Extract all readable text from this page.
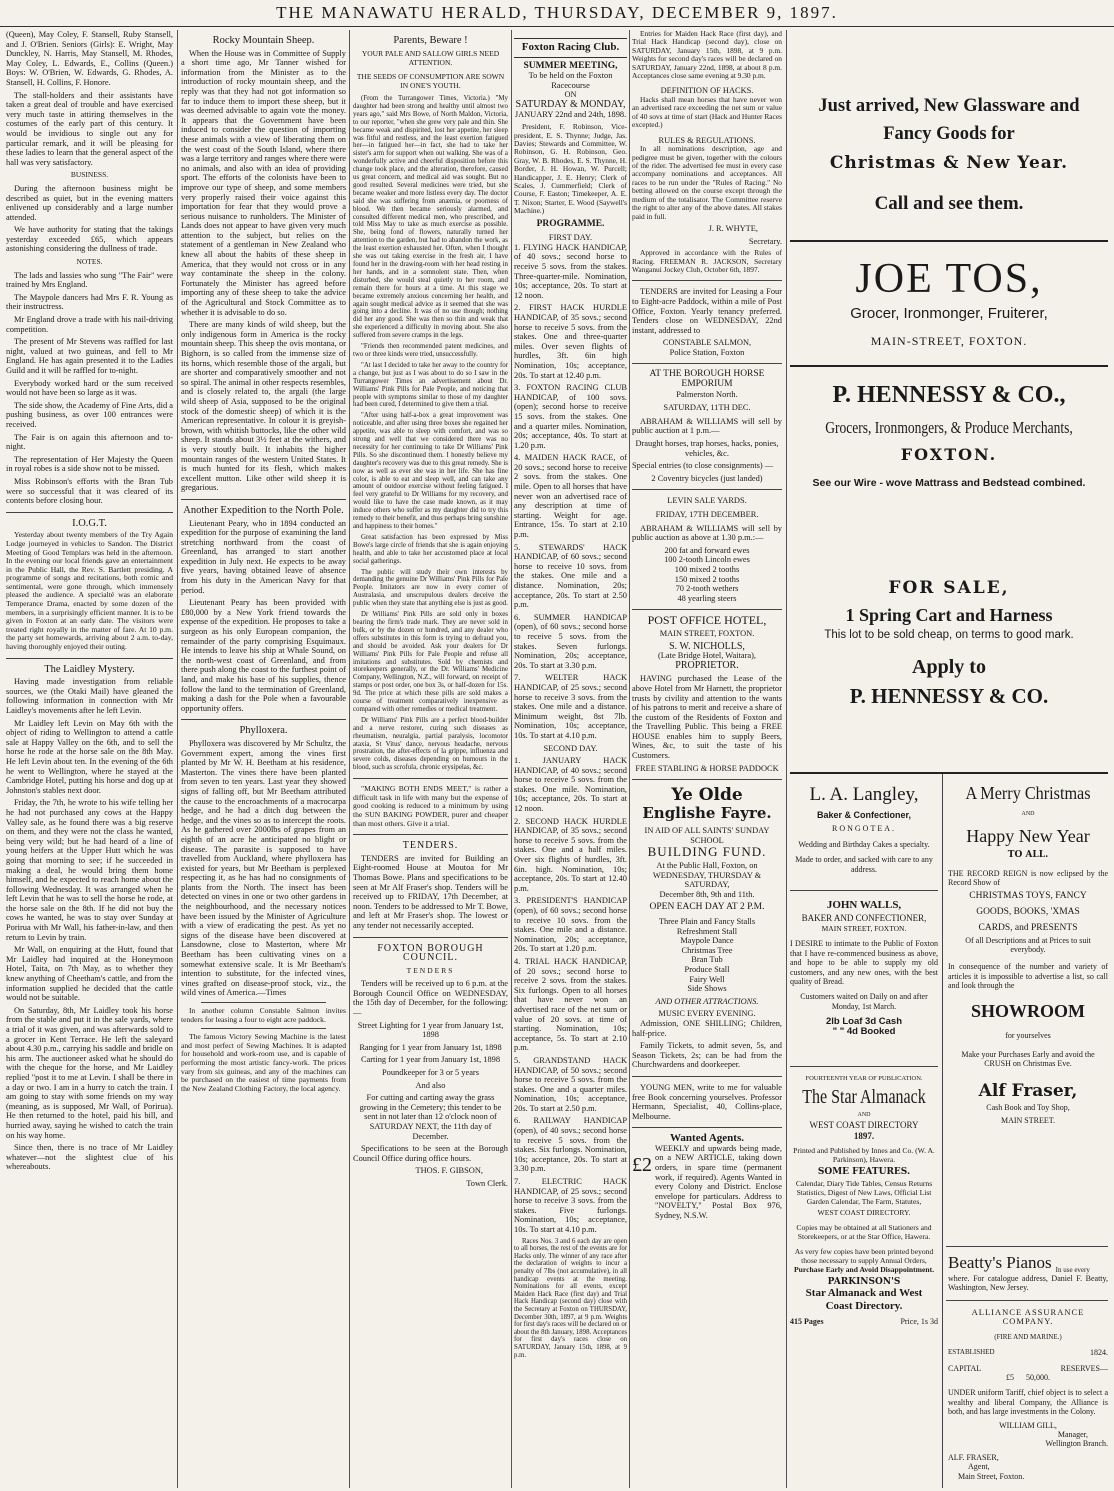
THE MANAWATU HERALD, THURSDAY, DECEMBER 9, 1897.

(Queen), May Coley, F. Stansell, Ruby Stansell, and J. O'Brien. Seniors (Girls): E. Wright, May Dunckley, N. Harris, May Stansell, M. Rhodes, May Coley, L. Edwards, E., Collins (Queen.) Boys: W. O'Brien, W. Edwards, G. Rhodes, A. Stansell, H. Collins, F. Honore.

The stall-holders and their assistants have taken a great deal of trouble and have exercised very much taste in attiring themselves in the costumes of the early part of this century. It would be invidious to single out any for particular remark, and it will be pleasing for these ladies to learn that the general aspect of the hall was very satisfactory.

BUSINESS.

During the afternoon business might be described as quiet, but in the evening matters enlivened up considerably and a large number attended.

We have authority for stating that the takings yesterday exceeded £65, which appears astonishing considering the dullness of trade.

NOTES.

The lads and lassies who sung "The Fair" were trained by Mrs England.

The Maypole dancers had Mrs F. R. Young as their instructress.

Mr England drove a trade with his nail-driving competition.

The present of Mr Stevens was raffled for last night, valued at two guineas, and fell to Mr England. He has again presented it to the Ladies Guild and it will be raffled for to-night.

Everybody worked hard or the sum received would not have been so large as it was.

The side show, the Academy of Fine Arts, did a pushing business, as over 100 entrances were received.

The Fair is on again this afternoon and to-night.

The representation of Her Majesty the Queen in royal robes is a side show not to be missed.

Miss Robinson's efforts with the Bran Tub were so successful that it was cleared of its contents before closing hour.

I.O.G.T.

Yesterday about twenty members of the Try Again Lodge journeyed in vehicles to Sandon. The District Meeting of Good Templars was held in the afternoon. In the evening our local friends gave an entertainment in the Public Hall, the Rev. S. Bartlett presiding. A programme of songs and recitations, both comic and sentimental, were gone through, which immensely pleased the audience. A specialté was an elaborate Temperance Drama, enacted by some dozen of the members, in a surprisingly efficient manner. It is to be given in Foxton at an early date. The visitors were treated right royally in the matter of fare. At 10 p.m. the party set homewards, arriving about 2 a.m. to-day, having thoroughly enjoyed their outing.

The Laidley Mystery.

Having made investigation from reliable sources, we (the Otaki Mail) have gleaned the following information in connection with Mr Laidley's movements after he left Levin.

Mr Laidley left Levin on May 6th with the object of riding to Wellington to attend a cattle sale at Happy Valley on the 6th, and to sell the horse he rode at the horse sale on the 8th May. He left Levin about ten. In the evening of the 6th he went to Wellington, where he stayed at the Cambridge Hotel, putting his horse and dog up at Johnston's stables next door.

Friday, the 7th, he wrote to his wife telling her he had not purchased any cows at the Happy Valley sale, as he found there was a big reserve on them, and they were not the class he wanted, being very wild; but he had heard of a line of young heifers at the Upper Hutt which he was going that morning to see; if he succeeded in making a deal, he would bring them home himself, and he expected to reach home about the following Wednesday. It was arranged when he left Levin that he was to sell the horse he rode, at the horse sale on the 8th. If he did not buy the cows he wanted, he was to stay over Sunday at Porirua with Mr Wall, his father-in-law, and then return to Levin by train.

Mr Wall, on enquiring at the Hutt, found that Mr Laidley had inquired at the Honeymoon Hotel, Taita, on 7th May, as to whether they knew anything of Cheetham's cattle, and from the information supplied he decided that the cattle would not be suitable.

On Saturday, 8th, Mr Laidley took his horse from the stable and put it in the sale yards, where a trial of it was given, and was afterwards sold to a grocer in Kent Terrace. He left the saleyard about 4.30 p.m., carrying his saddle and bridle on his arm. The auctioneer asked what he should do with the cheque for the horse, and Mr Laidley replied "post it to me at Levin. I shall be there in a day or two. I am in a hurry to catch the train. I am going to stay with some friends on my way (meaning, as is supposed, Mr Wall, of Porirua). He then returned to the hotel, paid his bill, and hurried away, saying he wished to catch the train on his way home.

Since then, there is no trace of Mr Laidley whatever—not the slightest clue of his whereabouts.

Rocky Mountain Sheep.

When the House was in Committee of Supply a short time ago, Mr Tanner wished for information from the Minister as to the introduction of rocky mountain sheep, and the reply was that they had not got information so far to induce them to import these sheep, but it was deemed advisable to again vote the money. It appears that the Government have been induced to consider the question of importing these animals with a view of liberating them on the west coast of the South Island, where there was a large territory and ranges where there were no animals, and also with an idea of providing sport. The efforts of the colonists have been to improve our type of sheep, and some members very properly raised their voice against this importation for fear that they would prove a serious nuisance to runholders. The Minister of Lands does not appear to have given very much attention to the subject, but relies on the statement of a gentleman in New Zealand who knew all about the habits of these sheep in America, that they would not cross or in any way contaminate the sheep in the colony. Fortunately the Minister has agreed before importing any of these sheep to take the advice of the Agricultural and Stock Committee as to whether it is advisable to do so.

There are many kinds of wild sheep, but the only indigenous form in America is the rocky mountain sheep. This sheep the ovis montana, or Bighorn, is so called from the immense size of its horns, which resemble those of the argali, but are shorter and comparatively smoother and not so spiral. The animal in other respects resembles, and is closely related to, the argali (the large wild sheep of Asia, supposed to be the original stock of the domestic sheep) of which it is the American representative. In colour it is greyish-brown, with whitish buttocks, like the other wild sheep. It stands about 3½ feet at the withers, and is very stoutly built. It inhabits the higher mountain ranges of the western United States. It is much hunted for its flesh, which makes excellent mutton. Like other wild sheep it is gregarious.

Another Expedition to the North Pole.

Lieutenant Peary, who in 1894 conducted an expedition for the purpose of examining the land stretching northward from the coast of Greenland, has arranged to start another expedition in July next. He expects to be away five years, having obtained leave of absence from his duty in the American Navy for that period.

Lieutenant Peary has been provided with £80,000 by a New York friend towards the expense of the expedition. He proposes to take a surgeon as his only European companion, the remainder of the party comprising Esquimaux. He intends to leave his ship at Whale Sound, on the north-west coast of Greenland, and from there push along the coast to the furthest point of land, and make his base of his supplies, thence follow the land to the termination of Greenland, making a dash for the Pole when a favourable opportunity offers.

Phylloxera.

Phylloxera was discovered by Mr Schultz, the Government expert, among the vines first planted by Mr W. H. Beetham at his residence, Masterton. The vines there have been planted from seven to ten years. Last year they showed signs of falling off, but Mr Beetham attributed the cause to the encroachments of a macrocarpa hedge, and he had a ditch dug between the hedge, and the vines so as to intercept the roots. As he gathered over 2000lbs of grapes from an eighth of an acre he anticipated no blight or disease. The parasite is supposed to have travelled from Auckland, where phylloxera has existed for years, but Mr Beetham is perplexed respecting it, as he has had no consignments of plants from the North. The insect has been detected on vines in one or two other gardens in the neighbourhood, and the necessary notices have been issued by the Minister of Agriculture with a view of eradicating the pest. As yet no signs of the disease have been discovered at Lansdowne, close to Masterton, where Mr Beetham has been cultivating vines on a somewhat extensive scale. It is Mr Beetham's intention to substitute, for the infected vines, vines grafted on disease-proof stock, viz., the wild vines of America.—Times

In another column Constable Salmon invites tenders for leasing a four to eight acre paddock.

The famous Victory Sewing Machine is the latest and most perfect of Sewing Machines. It is adapted for household and work-room use, and is capable of performing the most artistic fancy-work. The prices vary from six guineas, and any of the machines can be purchased on the easiest of time payments from the New Zealand Clothing Factory, the local agency.

Parents, Beware !
YOUR PALE AND SALLOW GIRLS NEED ATTENTION.
THE SEEDS OF CONSUMPTION ARE SOWN IN ONE'S YOUTH.

(From the Turrangower Times, Victoria.) "My daughter had been strong and healthy until almost two years ago," said Mrs Bowe, of North Maldon, Victoria, to our reporter, "when she grew very pale and thin. She became weak and dispirited, lost her appetite, her sleep was fitful and restless, and the least exertion fatigued her—in fatigued her—in fact, she had to take her sister's arm for support when out walking. She was of a wonderfully active and cheerful disposition before this change took place, and the alteration, therefore, caused us great concern, and medical aid was sought. But no good resulted. Several medicines were tried, but she became weaker and more listless every day. The doctor said she was suffering from anæmia, or poorness of blood. We then became seriously alarmed, and consulted different medical men, who prescribed, and told Miss May to take as much exercise as possible. She, being fond of flowers, naturally turned her attention to the garden, but had to abandon the work, as the least exertion exhausted her. Often, when I thought she was out taking exercise in the fresh air, I have found her in the drawing-room with her head resting in her hands, and in a somnolent state. Then, when disturbed, she would steal quietly to her room, and remain there for hours at a time. At this stage we became extremely anxious concerning her health, and again sought medical advice as it seemed that she was going into a decline. It was of no use though; nothing did her any good. She was then so thin and weak that she experienced a difficulty in moving about. She also suffered from severe cramps in the legs.

"Friends then recommended patent medicines, and two or three kinds were tried, unsuccessfully.

"At last I decided to take her away to the country for a change, but just as I was about to do so I saw in the Turrangower Times an advertisement about Dr. Williams' Pink Pills for Pale People, and noticing that people with symptoms similar to those of my daughter had been cured, I determined to give them a trial.

"After using half-a-box a great improvement was noticeable, and after using three boxes she regained her appetite, was able to sleep with comfort, and was so strong and well that we considered there was no necessity for her continuing to take Dr Williams' Pink Pills. So she discontinued them. I honestly believe my daughter's recovery was due to this great remedy. She is now as well as ever she was in her life. She has fine color, is able to eat and sleep well, and can take any amount of outdoor exercise without feeling fatigued. I feel very grateful to Dr Williams for my recovery, and would like to have the case made known, as it may induce others who suffer as my daughter did to try this remedy to their benefit, and thus perhaps bring sunshine and happiness to their homes."

Great satisfaction has been expressed by Miss Bowe's large circle of friends that she is again enjoying health, and able to take her accustomed place at local social gatherings.

The public will study their own interests by demanding the genuine Dr Williams' Pink Pills for Pale People. Imitators are now in every corner of Australasia, and unscrupulous dealers deceive the public when they state that anything else is just as good.

Dr Williams' Pink Pills are sold only in boxes bearing the firm's trade mark. They are never sold in bulk, or by the dozen or hundred, and any dealer who offers substitutes in this form is trying to defraud you, and should be avoided. Ask your dealers for Dr Williams' Pink Pills for Pale People and refuse all imitations and substitutes. Sold by chemists and storekeepers generally, or the Dr. Williams' Medicine Company, Wellington, N.Z., will forward, on receipt of stamps or post order, one box 3s, or half-dozen for 15s. 9d. The price at which these pills are sold makes a course of treatment comparatively inexpensive as compared with other remedies or medical treatment.

Dr Williams' Pink Pills are a perfect blood-builder and a nerve restorer, curing such diseases as rheumatism, neuralgia, partial paralysis, locomotor ataxia, St Vitus' dance, nervous headache, nervous prostration, the after-effects of la grippe, influenza and severe colds, diseases depending on humours in the blood, such as scrofula, chronic erysipelas, &c.

"MAKING BOTH ENDS MEET," is rather a difficult task in life with many but the expense of good cooking is reduced to a minimum by using the SUN BAKING POWDER, purer and cheaper than most others. Give it a trial.

TENDERS.

TENDERS are invited for Building an Eight-roomed House at Moutoa for Mr Thomas Bowe. Plans and specifications to be seen at Mr Alf Fraser's shop. Tenders will be received up to FRIDAY, 17th December, at noon. Tenders to be addressed to Mr T. Bowe, and left at Mr Fraser's shop. The lowest or any tender not necessarily accepted.

FOXTON BOROUGH COUNCIL.
TENDERS

Tenders will be received up to 6 p.m. at the Borough Council Office on WEDNESDAY, the 15th day of December, for the following:—

Street Lighting for 1 year from January 1st, 1898

Ranging for 1 year from January 1st, 1898

Carting for 1 year from January 1st, 1898

Poundkeeper for 3 or 5 years

And also

For cutting and carting away the grass growing in the Cemetery; this tender to be sent in not later than 12 o'clock noon of SATURDAY NEXT, the 11th day of December.

Specifications to be seen at the Borough Council Office during office hours.

THOS. F. GIBSON,

Town Clerk.

Foxton Racing Club.
SUMMER MEETING,
To be held on the Foxton Racecourse
ON
SATURDAY & MONDAY,
JANUARY 22nd and 24th, 1898.

President, F. Robinson, Vice-president, E. S. Thynne; Judge, Jas. Davies; Stewards and Committee, W. Robinson, G. H. Robinson, Geo. Gray, W. B. Rhodes, E. S. Thynne, H. Border, J. H. Howan, W. Purcell; Handicapper, J. E. Henry; Clerk of Scales, J. Cummerfield; Clerk of Course, F. Easton; Timekeeper, A. E. T. Nixon; Starter, E. Wood (Saywell's Machine.)

PROGRAMME.
FIRST DAY.

1. FLYING HACK HANDICAP, of 40 sovs.; second horse to receive 5 sovs. from the stakes. Three-quarter-mile. Nomination, 10s; acceptance, 20s. To start at 12 noon.

2. FIRST HACK HURDLE HANDICAP, of 35 sovs.; second horse to receive 5 sovs. from the stakes. One and three-quarter miles. Over seven flights of hurdles, 3ft. 6in high Nomination, 10s; acceptance, 20s. To start at 12.40 p.m.

3. FOXTON RACING CLUB HANDICAP, of 100 sovs. (open); second horse to receive 15 sovs. from the stakes. One and a quarter miles. Nomination, 20s; acceptance, 40s. To start at 1.20 p.m.

4. MAIDEN HACK RACE, of 20 sovs.; second horse to receive 2 sovs. from the stakes. One mile. Open to all horses that have never won an advertised race of any description at time of starting. Weight for age. Entrance, 15s. To start at 2.10 p.m.

5. STEWARDS' HACK HANDICAP, of 60 sovs.; second horse to receive 10 sovs. from the stakes. One mile and a distance. Nomination, 20s; acceptance, 20s. To start at 2.50 p.m.

6. SUMMER HANDICAP (open), of 60 sovs.; second horse to receive 5 sovs. from the stakes. Seven furlongs. Nomination, 20s; acceptance, 20s. To start at 3.30 p.m.

7. WELTER HACK HANDICAP, of 25 sovs.; second horse to receive 3 sovs. from the stakes. One mile and a distance. Minimum weight, 8st 7lb. Nomination, 10s; acceptance, 10s. To start at 4.10 p.m.

SECOND DAY.

1. JANUARY HACK HANDICAP, of 40 sovs.; second horse to receive 5 sovs. from the stakes. One mile. Nomination, 10s; acceptance, 20s. To start at 12 noon.

2. SECOND HACK HURDLE HANDICAP, of 35 sovs.; second horse to receive 5 sovs. from the stakes. One and a half miles. Over six flights of hurdles, 3ft. 6in. high. Nomination, 10s; acceptance, 20s. To start at 12.40 p.m.

3. PRESIDENT'S HANDICAP (open), of 60 sovs.; second horse to receive 10 sovs. from the stakes. One mile and a distance. Nomination, 20s; acceptance, 20s. To start at 1.20 p.m.

4. TRIAL HACK HANDICAP, of 20 sovs.; second horse to receive 2 sovs. from the stakes. Six furlongs. Open to all horses that have never won an advertised race of the net sum or value of 20 sovs. at time of starting. Nomination, 10s; acceptance, 5s. To start at 2.10 p.m.

5. GRANDSTAND HACK HANDICAP, of 50 sovs.; second horse to receive 5 sovs. from the stakes. One and a quarter miles. Nomination, 10s; acceptance, 20s. To start at 2.50 p.m.

6. RAILWAY HANDICAP (open), of 40 sovs.; second horse to receive 5 sovs. from the stakes. Six furlongs. Nomination, 10s; acceptance, 20s. To start at 3.30 p.m.

7. ELECTRIC HACK HANDICAP, of 25 sovs.; second horse to receive 3 sovs. from the stakes. Five furlongs. Nomination, 10s; acceptance, 10s. To start at 4.10 p.m.

Races Nos. 3 and 6 each day are open to all horses, the rest of the events are for Hacks only. The winner of any race after the declaration of weights to incur a penalty of 7lbs (not accumulative), in all handicap events at the meeting. Nominations for all events, except Maiden Hack Race (first day) and Trial Hack Handicap (second day) close with the Secretary at Foxton on THURSDAY, December 30th, 1897, at 9 p.m. Weights for first day's races will be declared on or about the 8th January, 1898. Acceptances for first day's races close on SATURDAY, January 15th, 1898, at 9 p.m.

Entries for Maiden Hack Race (first day), and Trial Hack Handicap (second day), close on SATURDAY, January 15th, 1898, at 9 p.m. Weights for second day's races will be declared on SATURDAY, January 22nd, 1898, at about 8 p.m. Acceptances close same evening at 9.30 p.m.

DEFINITION OF HACKS.

Hacks shall mean horses that have never won an advertised race exceeding the net sum or value of 40 sovs at time of start (Hack and Hunter Races excepted.)

RULES & REGULATIONS.

In all nominations description, age and pedigree must be given, together with the colours of the rider. The advertised fee must in every case accompany nominations and acceptances. All races to be run under the "Rules of Racing." No betting allowed on the course except through the medium of the totalisator. The Committee reserve the right to alter any of the above dates. All stakes paid in full.

J. R. WHYTE,

Secretary.

Approved in accordance with the Rules of Racing. FREEMAN R. JACKSON, Secretary Wanganui Jockey Club, October 6th, 1897.

TENDERS are invited for Leasing a Four to Eight-acre Paddock, within a mile of Post Office, Foxton. Yearly tenancy preferred. Tenders close on WEDNESDAY, 22nd instant, addressed to

CONSTABLE SALMON,
Police Station, Foxton
AT THE BOROUGH HORSE EMPORIUM
Palmerston North.
SATURDAY, 11TH DEC.

ABRAHAM & WILLIAMS will sell by public auction at 1 p.m.—

Draught horses, trap horses, hacks, ponies, vehicles, &c.

Special entries (to close consignments) —

2 Coventry bicycles (just landed)
LEVIN SALE YARDS.
FRIDAY, 17TH DECEMBER.

ABRAHAM & WILLIAMS will sell by public auction as above at 1.30 p.m.:—

200 fat and forward ewes
100 2-tooth Lincoln ewes
100 mixed 2 tooths
150 mixed 2 tooths
70 2-tooth wethers
48 yearling steers
POST OFFICE HOTEL,
MAIN STREET, FOXTON.
S. W. NICHOLLS,
(Late Bridge Hotel, Waitara),
PROPRIETOR.

HAVING purchased the Lease of the above Hotel from Mr Harnett, the proprietor trusts by civility and attention to the wants of his patrons to merit and receive a share of the custom of the Residents of Foxton and the Travelling Public. This being a FREE HOUSE enables him to supply Beers, Wines, &c, to suit the taste of his Customers.

FREE STABLING & HORSE PADDOCK
Ye Olde
Englishe Fayre.
IN AID OF ALL SAINTS' SUNDAY SCHOOL
BUILDING FUND.
At the Public Hall, Foxton, on
WEDNESDAY, THURSDAY & SATURDAY,
December 8th, 9th and 11th.
OPEN EACH DAY AT 2 P.M.
Three Plain and Fancy Stalls
Refreshment Stall
Maypole Dance
Christmas Tree
Bran Tub
Produce Stall
Fairy Well
Side Shows
AND OTHER ATTRACTIONS.
MUSIC EVERY EVENING.

Admission, ONE SHILLING; Children, half-price.

Family Tickets, to admit seven, 5s, and Season Tickets, 2s; can be had from the Churchwardens and doorkeeper.

YOUNG MEN, write to me for valuable free Book concerning yourselves. Professor Hermann, Specialist, 40, Collins-place, Melbourne.

Wanted Agents.
£2

WEEKLY and upwards being made, on a NEW ARTICLE, taking down orders, in spare time (permanent work, if required). Agents Wanted in every Colony and District. Enclose envelope for particulars. Address to "NOVELTY," Postal Box 976, Sydney, N.S.W.

Just arrived, New Glassware and
Fancy Goods for
Christmas & New Year.
Call and see them.
JOE TOS,
Grocer, Ironmonger, Fruiterer,
MAIN-STREET, FOXTON.
P. HENNESSY & CO.,
Grocers, Ironmongers, & Produce Merchants,
FOXTON.
See our Wire - wove Mattrass and Bedstead combined.
FOR SALE,
1 Spring Cart and Harness
This lot to be sold cheap, on terms to good mark.
Apply to
P. HENNESSY & CO.
L. A. Langley,
Baker & Confectioner,
RONGOTEA.
Wedding and Birthday Cakes a specialty.
Made to order, and sacked with care to any address.
JOHN WALLS,
BAKER AND CONFECTIONER,
MAIN STREET, FOXTON.
I DESIRE to intimate to the Public of Foxton that I have re-commenced business as above, and hope to be able to supply my old customers, and any new ones, with the best quality of Bread.
Customers waited on Daily on and after Monday, 1st March.
2lb Loaf 3d Cash
" " 4d Booked
FOURTEENTH YEAR OF PUBLICATION.
The Star Almanack
AND
WEST COAST DIRECTORY
1897.
Printed and Published by Innes and Co. (W. A. Parkinson), Hawera.
SOME FEATURES.
Calendar, Diary Tide Tables, Census Returns Statistics, Digest of New Laws, Official List Garden Calendar, The Farm, Statutes,
WEST COAST DIRECTORY.
Copies may be obtained at all Stationers and Storekeepers, or at the Star Office, Hawera.
As very few copies have been printed beyond those necessary to supply Annual Orders,
Purchase Early and Avoid Disappointment.
PARKINSON'S
Star Almanack and West
Coast Directory.
415 Pages	Price, 1s 3d
A Merry Christmas
AND
Happy New Year
TO ALL.
THE RECORD REIGN is now eclipsed by the Record Show of
CHRISTMAS TOYS, FANCY
GOODS, BOOKS, 'XMAS
CARDS, and PRESENTS
Of all Descriptions and at Prices to suit everybody.
In consequence of the number and variety of articles it is impossible to advertise a list, so call and look through the
SHOWROOM
for yourselves
Make your Purchases Early and avoid the CRUSH on Christmas Eve.
Alf Fraser,
Cash Book and Toy Shop,
MAIN STREET.
Beatty's Pianos In use every
where. For catalogue address, Daniel F. Beatty, Washington, New Jersey.
ALLIANCE ASSURANCE COMPANY.
(FIRE AND MARINE.)
ESTABLISHED	1824.
CAPITAL	RESERVES—
£5 50,000.
UNDER uniform Tariff, chief object is to select a wealthy and liberal Company, the Alliance is both, and has large investments in the Colony.
WILLIAM GILL,
Manager,
Wellington Branch.
ALF. FRASER,
Agent,
Main Street, Foxton.
